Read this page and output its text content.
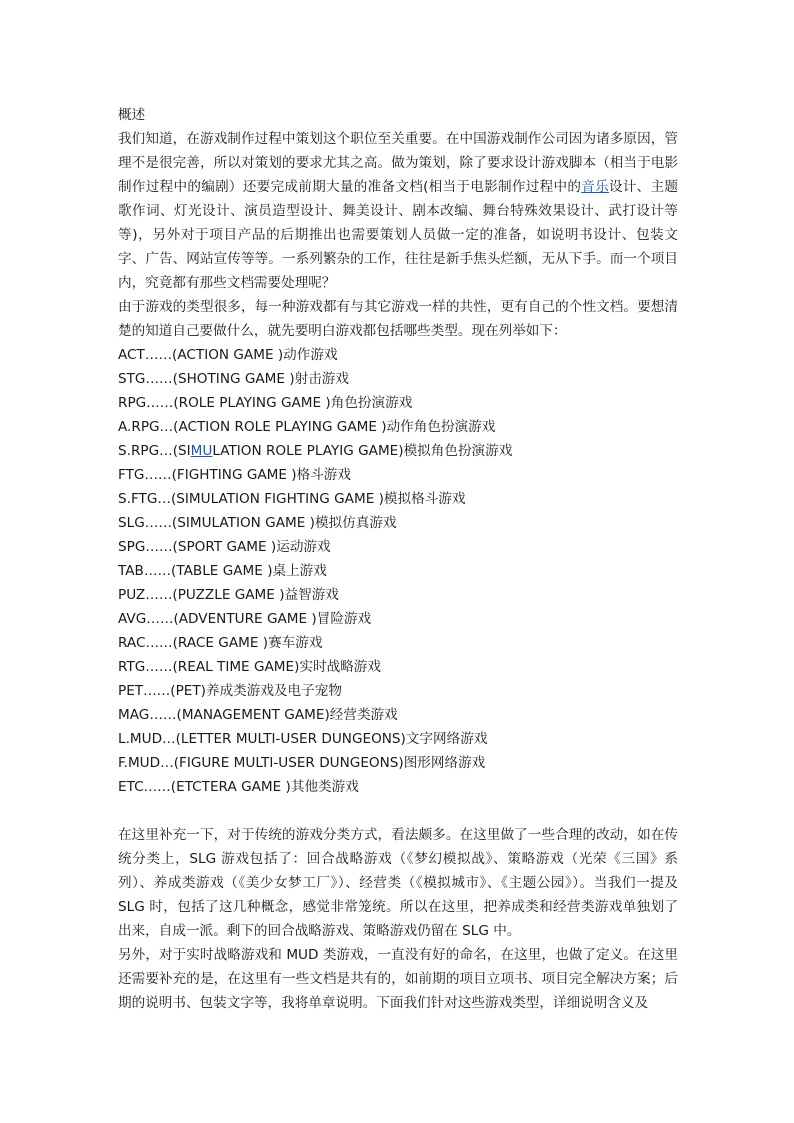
概述

我们知道，在游戏制作过程中策划这个职位至关重要。在中国游戏制作公司因为诸多原因，管理不是很完善，所以对策划的要求尤其之高。做为策划，除了要求设计游戏脚本（相当于电影制作过程中的编剧）还要完成前期大量的准备文档(相当于电影制作过程中的音乐设计、主题歌作词、灯光设计、演员造型设计、舞美设计、剧本改编、舞台特殊效果设计、武打设计等等)，另外对于项目产品的后期推出也需要策划人员做一定的准备，如说明书设计、包装文字、广告、网站宣传等等。一系列繁杂的工作，往往是新手焦头烂额，无从下手。而一个项目内，究竟都有那些文档需要处理呢？

由于游戏的类型很多，每一种游戏都有与其它游戏一样的共性，更有自己的个性文档。要想清楚的知道自己要做什么，就先要明白游戏都包括哪些类型。现在列举如下：

ACT……(ACTION GAME )动作游戏
STG……(SHOTING GAME )射击游戏
RPG……(ROLE PLAYING GAME )角色扮演游戏
A.RPG…(ACTION ROLE PLAYING GAME )动作角色扮演游戏
S.RPG…(SIMULATION ROLE PLAYIG GAME)模拟角色扮演游戏
FTG……(FIGHTING GAME )格斗游戏
S.FTG…(SIMULATION FIGHTING GAME )模拟格斗游戏
SLG……(SIMULATION GAME )模拟仿真游戏
SPG……(SPORT GAME )运动游戏
TAB……(TABLE GAME )桌上游戏
PUZ……(PUZZLE GAME )益智游戏
AVG……(ADVENTURE GAME )冒险游戏
RAC……(RACE GAME )赛车游戏
RTG……(REAL TIME GAME)实时战略游戏
PET……(PET)养成类游戏及电子宠物
MAG……(MANAGEMENT GAME)经营类游戏
L.MUD…(LETTER MULTI-USER DUNGEONS)文字网络游戏
F.MUD…(FIGURE MULTI-USER DUNGEONS)图形网络游戏
ETC……(ETCTERA GAME )其他类游戏

在这里补充一下，对于传统的游戏分类方式，看法颇多。在这里做了一些合理的改动，如在传统分类上，SLG 游戏包括了：回合战略游戏（《梦幻模拟战》、策略游戏（光荣《三国》系列）、养成类游戏（《美少女梦工厂》）、经营类（《模拟城市》、《主题公园》）。当我们一提及 SLG 时，包括了这几种概念，感觉非常笼统。所以在这里，把养成类和经营类游戏单独划了出来，自成一派。剩下的回合战略游戏、策略游戏仍留在 SLG 中。

另外，对于实时战略游戏和 MUD 类游戏，一直没有好的命名，在这里，也做了定义。在这里还需要补充的是，在这里有一些文档是共有的，如前期的项目立项书、项目完全解决方案；后期的说明书、包装文字等，我将单章说明。下面我们针对这些游戏类型，详细说明含义及
